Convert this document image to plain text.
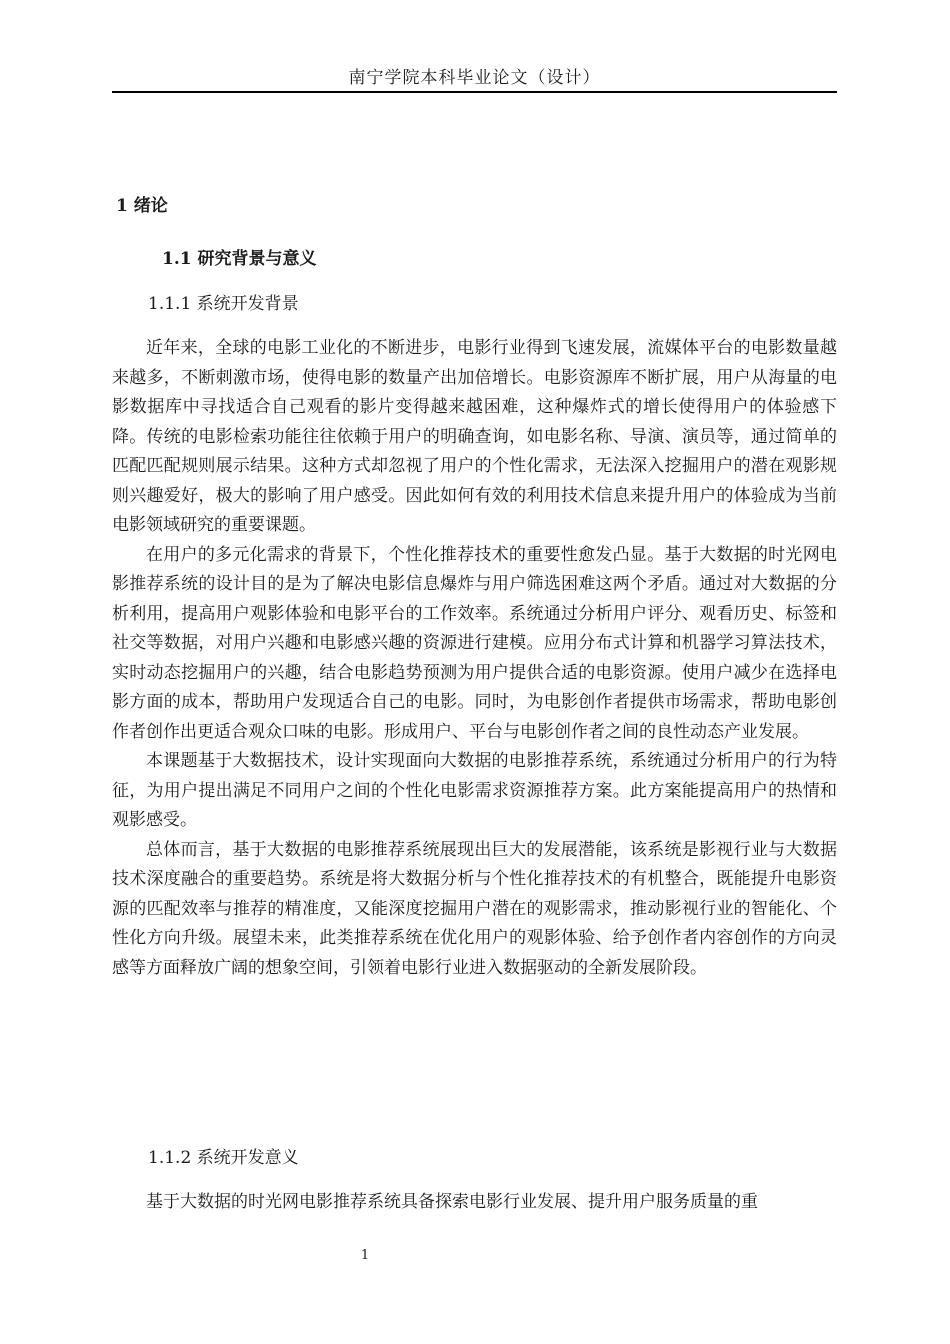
南宁学院本科毕业论文（设计）
1 绪论
1.1 研究背景与意义
1.1.1 系统开发背景

近年来，全球的电影工业化的不断进步，电影行业得到飞速发展，流媒体平台的电影数量越来越多，不断刺激市场，使得电影的数量产出加倍增长。电影资源库不断扩展，用户从海量的电影数据库中寻找适合自己观看的影片变得越来越困难，这种爆炸式的增长使得用户的体验感下降。传统的电影检索功能往往依赖于用户的明确查询，如电影名称、导演、演员等，通过简单的匹配匹配规则展示结果。这种方式却忽视了用户的个性化需求，无法深入挖掘用户的潜在观影规则兴趣爱好，极大的影响了用户感受。因此如何有效的利用技术信息来提升用户的体验成为当前电影领域研究的重要课题。

在用户的多元化需求的背景下，个性化推荐技术的重要性愈发凸显。基于大数据的时光网电影推荐系统的设计目的是为了解决电影信息爆炸与用户筛选困难这两个矛盾。通过对大数据的分析利用，提高用户观影体验和电影平台的工作效率。系统通过分析用户评分、观看历史、标签和社交等数据，对用户兴趣和电影感兴趣的资源进行建模。应用分布式计算和机器学习算法技术，实时动态挖掘用户的兴趣，结合电影趋势预测为用户提供合适的电影资源。使用户减少在选择电影方面的成本，帮助用户发现适合自己的电影。同时，为电影创作者提供市场需求，帮助电影创作者创作出更适合观众口味的电影。形成用户、平台与电影创作者之间的良性动态产业发展。

本课题基于大数据技术，设计实现面向大数据的电影推荐系统，系统通过分析用户的行为特征，为用户提出满足不同用户之间的个性化电影需求资源推荐方案。此方案能提高用户的热情和观影感受。

总体而言，基于大数据的电影推荐系统展现出巨大的发展潜能，该系统是影视行业与大数据技术深度融合的重要趋势。系统是将大数据分析与个性化推荐技术的有机整合，既能提升电影资源的匹配效率与推荐的精准度，又能深度挖掘用户潜在的观影需求，推动影视行业的智能化、个性化方向升级。展望未来，此类推荐系统在优化用户的观影体验、给予创作者内容创作的方向灵感等方面释放广阔的想象空间，引领着电影行业进入数据驱动的全新发展阶段。

1.1.2 系统开发意义

基于大数据的时光网电影推荐系统具备探索电影行业发展、提升用户服务质量的重

1
